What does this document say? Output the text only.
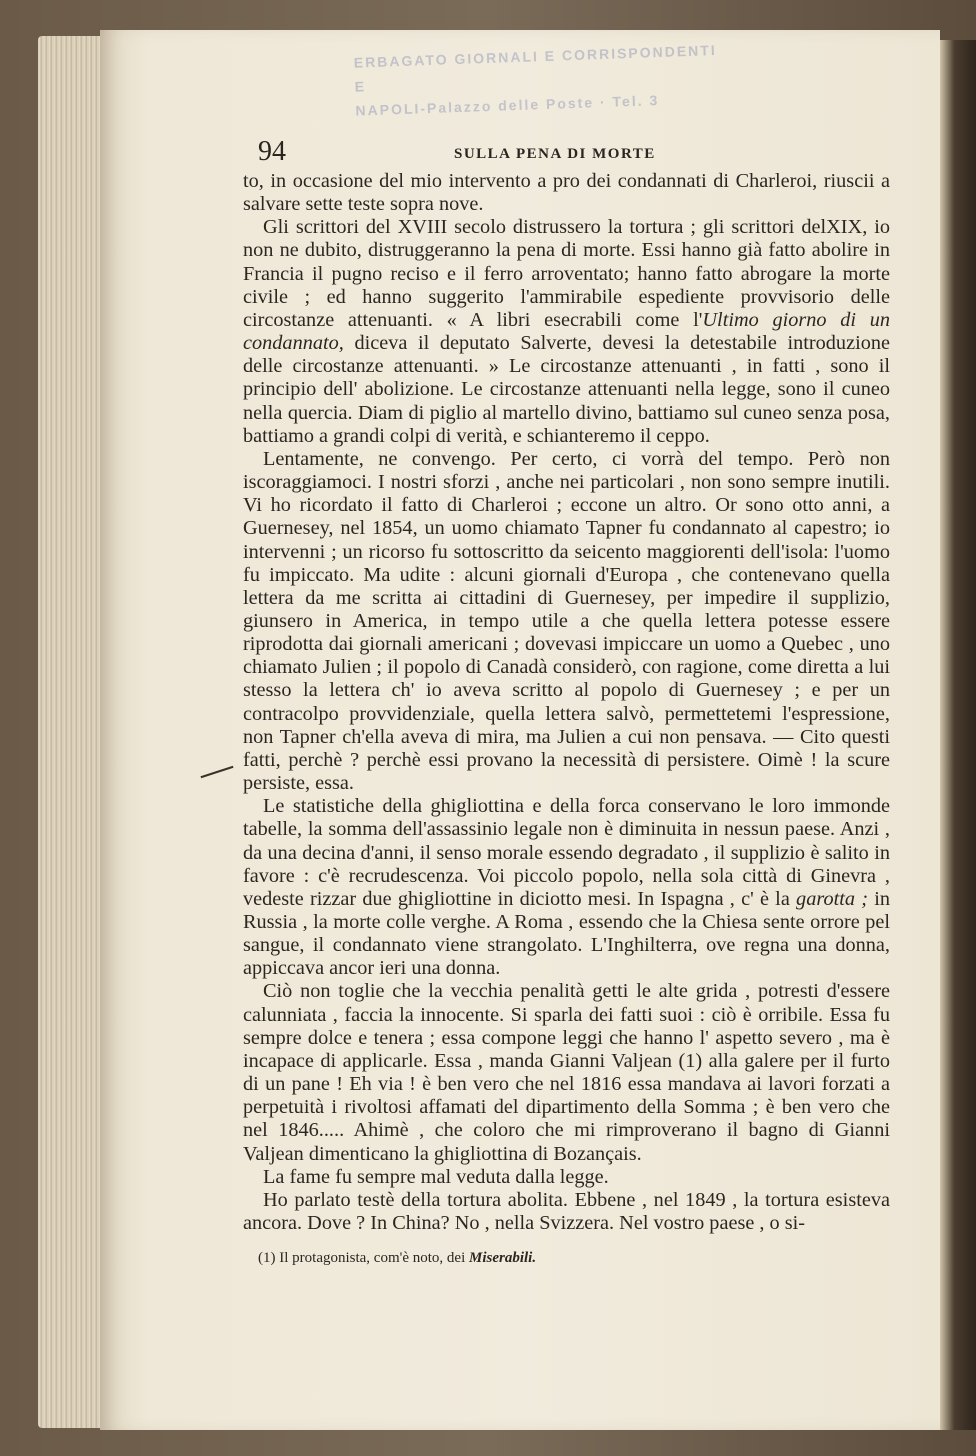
ERBAGATO GIORNALI E CORRISPONDENTI
E
NAPOLI-Palazzo delle Poste · Tel. 3
94	SULLA PENA DI MORTE

to, in occasione del mio intervento a pro dei condannati di Charleroi, riuscii a salvare sette teste sopra nove.

Gli scrittori del XVIII secolo distrussero la tortura ; gli scrittori delXIX, io non ne dubito, distruggeranno la pena di morte. Essi hanno già fatto abolire in Francia il pugno reciso e il ferro arroventato; hanno fatto abrogare la morte civile ; ed hanno suggerito l'ammirabile espediente provvisorio delle circostanze attenuanti. « A libri esecrabili come l'Ultimo giorno di un condannato, diceva il deputato Salverte, devesi la detestabile introduzione delle circostanze attenuanti. » Le circostanze attenuanti , in fatti , sono il principio dell' abolizione. Le circostanze attenuanti nella legge, sono il cuneo nella quercia. Diam di piglio al martello divino, battiamo sul cuneo senza posa, battiamo a grandi colpi di verità, e schianteremo il ceppo.

Lentamente, ne convengo. Per certo, ci vorrà del tempo. Però non iscoraggiamoci. I nostri sforzi , anche nei particolari , non sono sempre inutili. Vi ho ricordato il fatto di Charleroi ; eccone un altro. Or sono otto anni, a Guernesey, nel 1854, un uomo chiamato Tapner fu condannato al capestro; io intervenni ; un ricorso fu sottoscritto da seicento maggiorenti dell'isola: l'uomo fu impiccato. Ma udite : alcuni giornali d'Europa , che contenevano quella lettera da me scritta ai cittadini di Guernesey, per impedire il supplizio, giunsero in America, in tempo utile a che quella lettera potesse essere riprodotta dai giornali americani ; dovevasi impiccare un uomo a Quebec , uno chiamato Julien ; il popolo di Canadà considerò, con ragione, come diretta a lui stesso la lettera ch' io aveva scritto al popolo di Guernesey ; e per un contracolpo provvidenziale, quella lettera salvò, permettetemi l'espressione, non Tapner ch'ella aveva di mira, ma Julien a cui non pensava. — Cito questi fatti, perchè ? perchè essi provano la necessità di persistere. Oimè ! la scure persiste, essa.

Le statistiche della ghigliottina e della forca conservano le loro immonde tabelle, la somma dell'assassinio legale non è diminuita in nessun paese. Anzi , da una decina d'anni, il senso morale essendo degradato , il supplizio è salito in favore : c'è recrudescenza. Voi piccolo popolo, nella sola città di Ginevra , vedeste rizzar due ghigliottine in diciotto mesi. In Ispagna , c' è la garotta ; in Russia , la morte colle verghe. A Roma , essendo che la Chiesa sente orrore pel sangue, il condannato viene strangolato. L'Inghilterra, ove regna una donna, appiccava ancor ieri una donna.

Ciò non toglie che la vecchia penalità getti le alte grida , potresti d'essere calunniata , faccia la innocente. Si sparla dei fatti suoi : ciò è orribile. Essa fu sempre dolce e tenera ; essa compone leggi che hanno l' aspetto severo , ma è incapace di applicarle. Essa , manda Gianni Valjean (1) alla galere per il furto di un pane ! Eh via ! è ben vero che nel 1816 essa mandava ai lavori forzati a perpetuità i rivoltosi affamati del dipartimento della Somma ; è ben vero che nel 1846..... Ahimè , che coloro che mi rimproverano il bagno di Gianni Valjean dimenticano la ghigliottina di Bozançais.

La fame fu sempre mal veduta dalla legge.

Ho parlato testè della tortura abolita. Ebbene , nel 1849 , la tortura esisteva ancora. Dove ? In China? No , nella Svizzera. Nel vostro paese , o si-

(1) Il protagonista, com'è noto, dei Miserabili.
